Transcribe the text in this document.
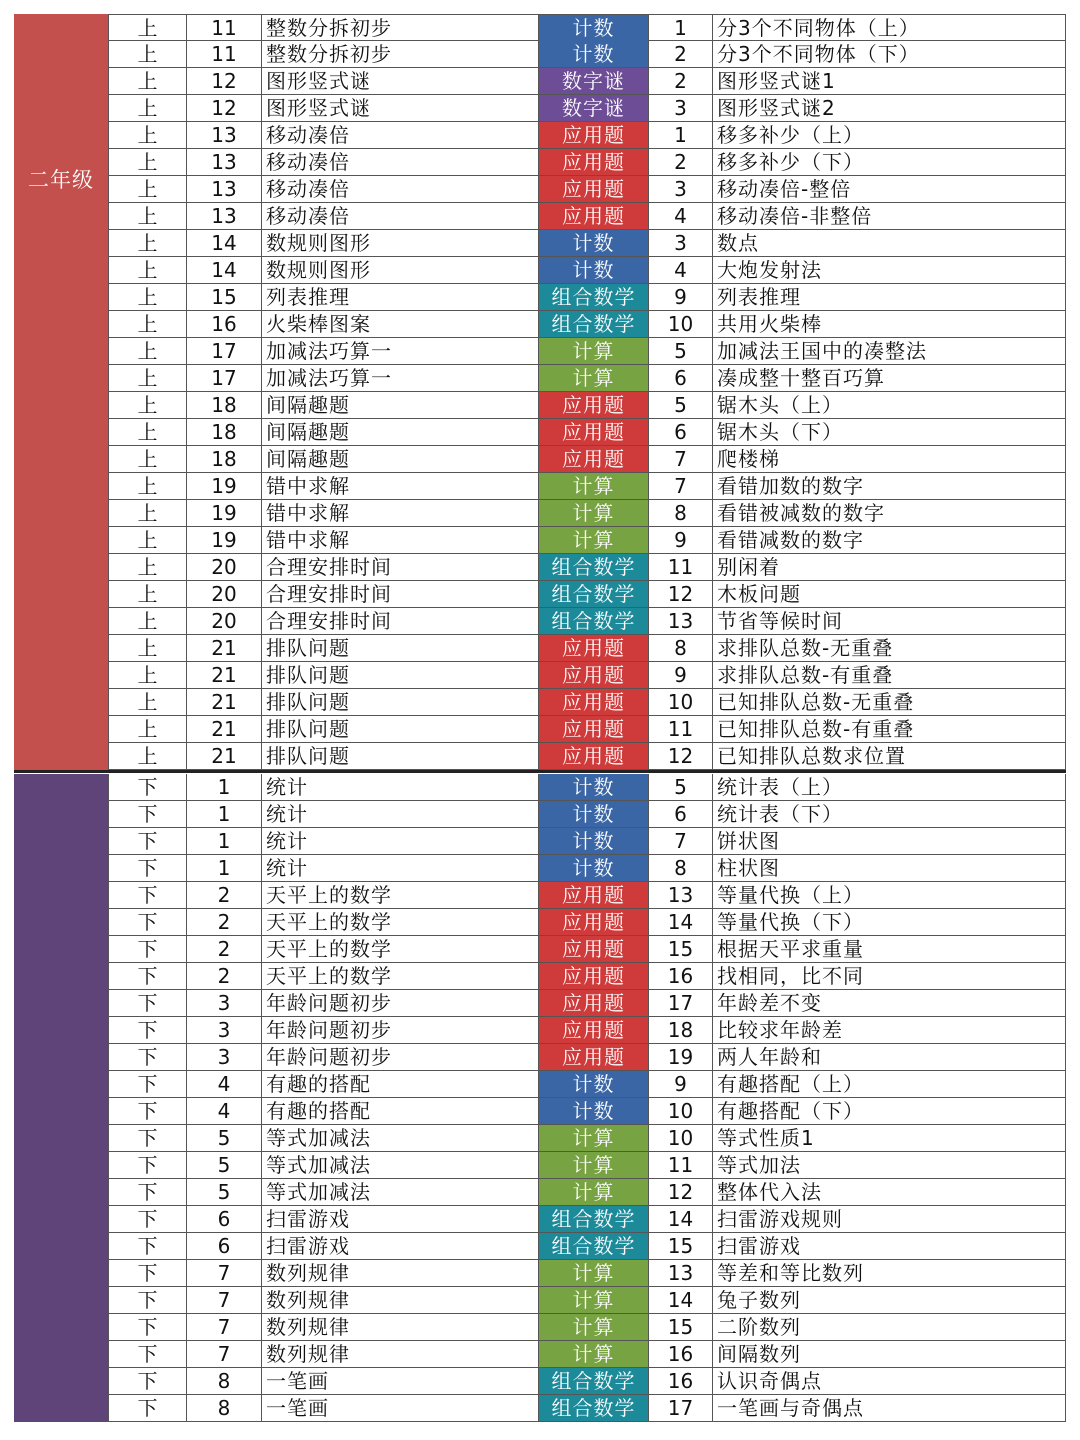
二年级
上	11	整数分拆初步	计数	1	分3个不同物体（上）
上	11	整数分拆初步	计数	2	分3个不同物体（下）
上	12	图形竖式谜	数字谜	2	图形竖式谜1
上	12	图形竖式谜	数字谜	3	图形竖式谜2
上	13	移动凑倍	应用题	1	移多补少（上）
上	13	移动凑倍	应用题	2	移多补少（下）
上	13	移动凑倍	应用题	3	移动凑倍-整倍
上	13	移动凑倍	应用题	4	移动凑倍-非整倍
上	14	数规则图形	计数	3	数点
上	14	数规则图形	计数	4	大炮发射法
上	15	列表推理	组合数学	9	列表推理
上	16	火柴棒图案	组合数学	10	共用火柴棒
上	17	加减法巧算一	计算	5	加减法王国中的凑整法
上	17	加减法巧算一	计算	6	凑成整十整百巧算
上	18	间隔趣题	应用题	5	锯木头（上）
上	18	间隔趣题	应用题	6	锯木头（下）
上	18	间隔趣题	应用题	7	爬楼梯
上	19	错中求解	计算	7	看错加数的数字
上	19	错中求解	计算	8	看错被减数的数字
上	19	错中求解	计算	9	看错减数的数字
上	20	合理安排时间	组合数学	11	别闲着
上	20	合理安排时间	组合数学	12	木板问题
上	20	合理安排时间	组合数学	13	节省等候时间
上	21	排队问题	应用题	8	求排队总数-无重叠
上	21	排队问题	应用题	9	求排队总数-有重叠
上	21	排队问题	应用题	10	已知排队总数-无重叠
上	21	排队问题	应用题	11	已知排队总数-有重叠
上	21	排队问题	应用题	12	已知排队总数求位置
下	1	统计	计数	5	统计表（上）
下	1	统计	计数	6	统计表（下）
下	1	统计	计数	7	饼状图
下	1	统计	计数	8	柱状图
下	2	天平上的数学	应用题	13	等量代换（上）
下	2	天平上的数学	应用题	14	等量代换（下）
下	2	天平上的数学	应用题	15	根据天平求重量
下	2	天平上的数学	应用题	16	找相同，比不同
下	3	年龄问题初步	应用题	17	年龄差不变
下	3	年龄问题初步	应用题	18	比较求年龄差
下	3	年龄问题初步	应用题	19	两人年龄和
下	4	有趣的搭配	计数	9	有趣搭配（上）
下	4	有趣的搭配	计数	10	有趣搭配（下）
下	5	等式加减法	计算	10	等式性质1
下	5	等式加减法	计算	11	等式加法
下	5	等式加减法	计算	12	整体代入法
下	6	扫雷游戏	组合数学	14	扫雷游戏规则
下	6	扫雷游戏	组合数学	15	扫雷游戏
下	7	数列规律	计算	13	等差和等比数列
下	7	数列规律	计算	14	兔子数列
下	7	数列规律	计算	15	二阶数列
下	7	数列规律	计算	16	间隔数列
下	8	一笔画	组合数学	16	认识奇偶点
下	8	一笔画	组合数学	17	一笔画与奇偶点
